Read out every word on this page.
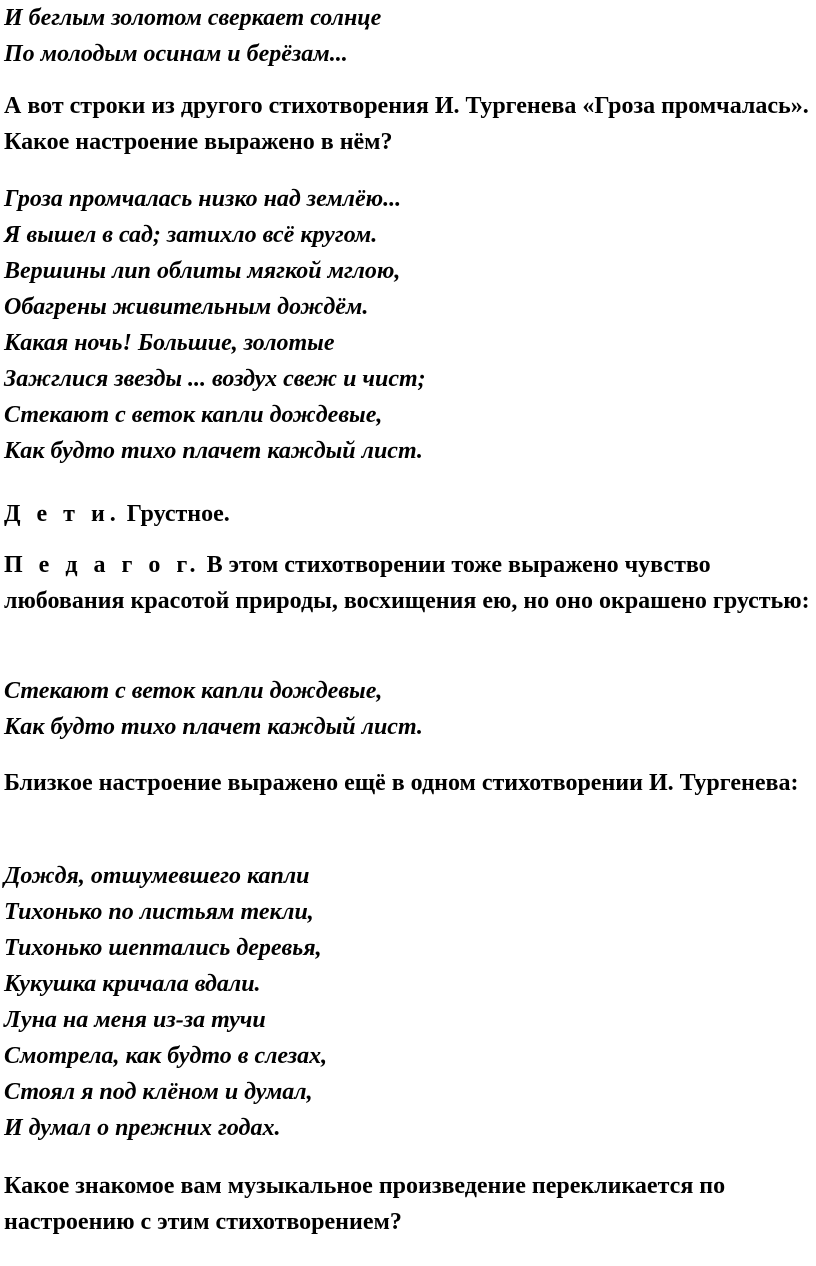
И беглым золотом сверкает солнце
По молодым осинам и берёзам...

А вот строки из другого стихотворения И. Тургенева «Гроза промчалась». Какое настроение выражено в нём?

Гроза промчалась низко над землёю...
Я вышел в сад; затихло всё кругом.
Вершины лип облиты мягкой мглою,
Обагрены живительным дождём.
Какая ночь! Большие, золотые
Зажглися звезды ... воздух свеж и чист;
Стекают с веток капли дождевые,
Как будто тихо плачет каждый лист.

Д е т и. Грустное.

П е д а г о г. В этом стихотворении тоже выражено чувство любования красотой природы, восхищения ею, но оно окрашено грустью:

Стекают с веток капли дождевые,
Как будто тихо плачет каждый лист.

Близкое настроение выражено ещё в одном стихотворении И. Тургенева:

Дождя, отшумевшего капли
Тихонько по листьям текли,
Тихонько шептались деревья,
Кукушка кричала вдали.
Луна на меня из-за тучи
Смотрела, как будто в слезах,
Стоял я под клёном и думал,
И думал о прежних годах.

Какое знакомое вам музыкальное произведение перекликается по настроению с этим стихотворением?
